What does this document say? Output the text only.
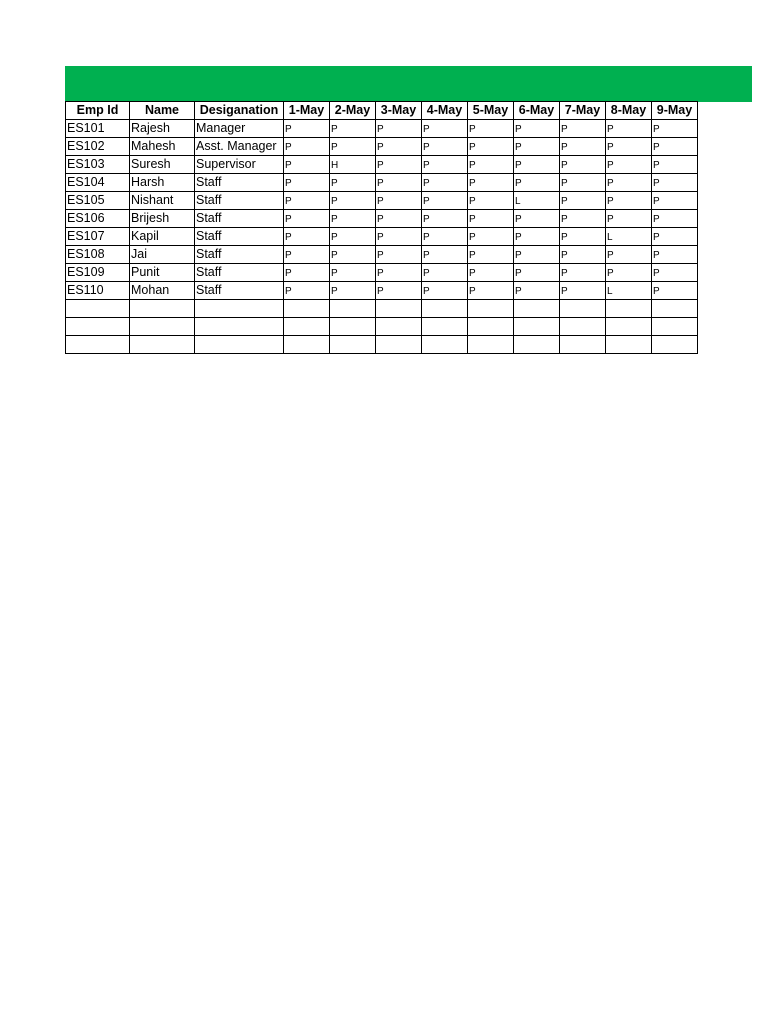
Emp Id	Name	Desiganation	1-May	2-May	3-May	4-May	5-May	6-May	7-May	8-May	9-May
ES101	Rajesh	Manager	P	P	P	P	P	P	P	P	P
ES102	Mahesh	Asst. Manager	P	P	P	P	P	P	P	P	P
ES103	Suresh	Supervisor	P	H	P	P	P	P	P	P	P
ES104	Harsh	Staff	P	P	P	P	P	P	P	P	P
ES105	Nishant	Staff	P	P	P	P	P	L	P	P	P
ES106	Brijesh	Staff	P	P	P	P	P	P	P	P	P
ES107	Kapil	Staff	P	P	P	P	P	P	P	L	P
ES108	Jai	Staff	P	P	P	P	P	P	P	P	P
ES109	Punit	Staff	P	P	P	P	P	P	P	P	P
ES110	Mohan	Staff	P	P	P	P	P	P	P	L	P
